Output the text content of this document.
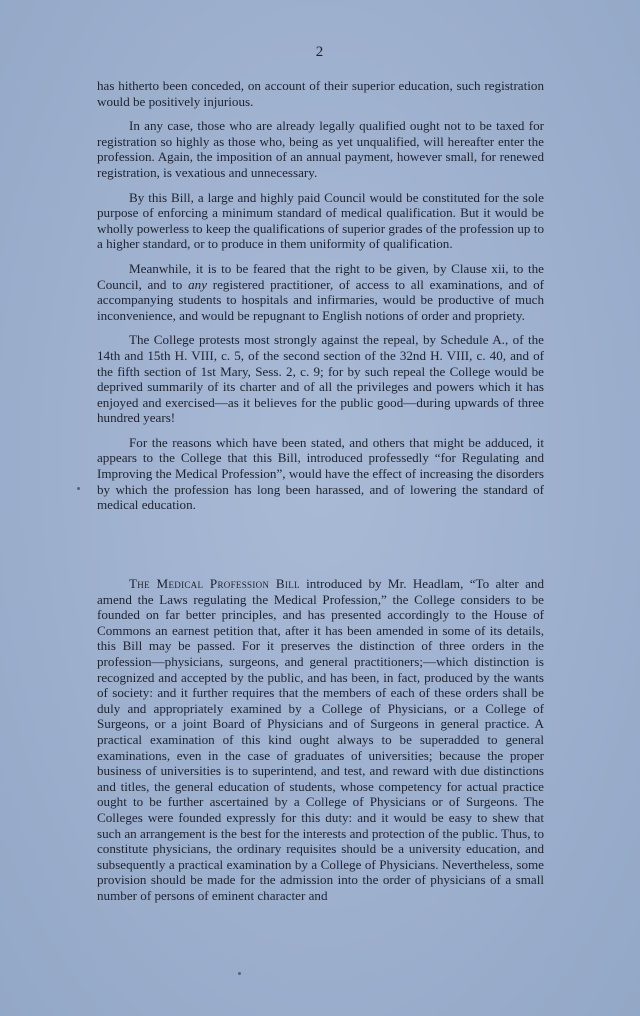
2

has hitherto been conceded, on account of their superior education, such registration would be positively injurious.

In any case, those who are already legally qualified ought not to be taxed for registration so highly as those who, being as yet unqualified, will hereafter enter the profession. Again, the imposition of an annual payment, however small, for renewed registration, is vexatious and unnecessary.

By this Bill, a large and highly paid Council would be constituted for the sole purpose of enforcing a minimum standard of medical qualification. But it would be wholly powerless to keep the qualifications of superior grades of the profession up to a higher standard, or to produce in them uniformity of qualification.

Meanwhile, it is to be feared that the right to be given, by Clause xii, to the Council, and to any registered practitioner, of access to all examinations, and of accompanying students to hospitals and infirmaries, would be productive of much inconvenience, and would be repugnant to English notions of order and propriety.

The College protests most strongly against the repeal, by Schedule A., of the 14th and 15th H. VIII, c. 5, of the second section of the 32nd H. VIII, c. 40, and of the fifth section of 1st Mary, Sess. 2, c. 9; for by such repeal the College would be deprived summarily of its charter and of all the privileges and powers which it has enjoyed and exercised—as it believes for the public good—during upwards of three hundred years!

For the reasons which have been stated, and others that might be adduced, it appears to the College that this Bill, introduced professedly “for Regulating and Improving the Medical Profession”, would have the effect of increasing the disorders by which the profession has long been harassed, and of lowering the standard of medical education.

The Medical Profession Bill introduced by Mr. Headlam, “To alter and amend the Laws regulating the Medical Profession,” the College considers to be founded on far better principles, and has presented accordingly to the House of Commons an earnest petition that, after it has been amended in some of its details, this Bill may be passed. For it preserves the distinction of three orders in the profession—physicians, surgeons, and general practitioners;—which distinction is recognized and accepted by the public, and has been, in fact, produced by the wants of society: and it further requires that the members of each of these orders shall be duly and appropriately examined by a College of Physicians, or a College of Surgeons, or a joint Board of Physicians and of Surgeons in general practice. A practical examination of this kind ought always to be superadded to general examinations, even in the case of graduates of universities; because the proper business of universities is to superintend, and test, and reward with due distinctions and titles, the general education of students, whose competency for actual practice ought to be further ascertained by a College of Physicians or of Surgeons. The Colleges were founded expressly for this duty: and it would be easy to shew that such an arrangement is the best for the interests and protection of the public. Thus, to constitute physicians, the ordinary requisites should be a university education, and subsequently a practical examination by a College of Physicians. Nevertheless, some provision should be made for the admission into the order of physicians of a small number of persons of eminent character and
